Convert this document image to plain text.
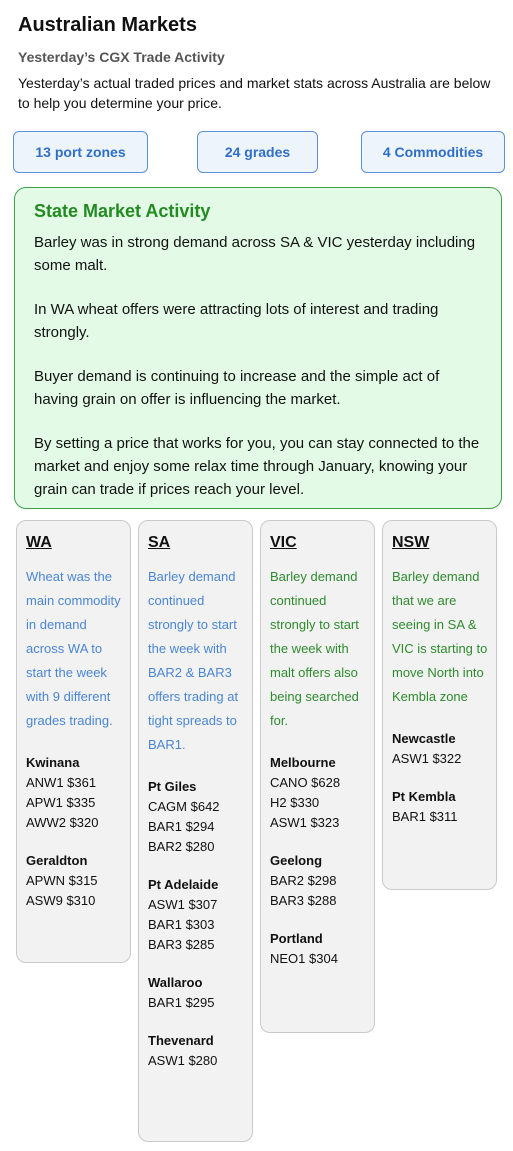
Australian Markets
Yesterday’s CGX Trade Activity
Yesterday’s actual traded prices and market stats across Australia are below to help you determine your price.
13 port zones	24 grades	4 Commodities
State Market Activity

Barley was in strong demand across SA & VIC yesterday including some malt.

In WA wheat offers were attracting lots of interest and trading strongly.

Buyer demand is continuing to increase and the simple act of having grain on offer is influencing the market.

By setting a price that works for you, you can stay connected to the market and enjoy some relax time through January, knowing your grain can trade if prices reach your level.

WA
Wheat was the main commodity in demand across WA to start the week with 9 different grades trading.
Kwinana
ANW1 $361
APW1 $335
AWW2 $320
Geraldton
APWN $315
ASW9 $310
SA
Barley demand continued strongly to start the week with BAR2 & BAR3 offers trading at tight spreads to BAR1.
Pt Giles
CAGM $642
BAR1 $294
BAR2 $280
Pt Adelaide
ASW1 $307
BAR1 $303
BAR3 $285
Wallaroo
BAR1 $295
Thevenard
ASW1 $280
VIC
Barley demand continued strongly to start the week with malt offers also being searched for.
Melbourne
CANO $628
H2 $330
ASW1 $323
Geelong
BAR2 $298
BAR3 $288
Portland
NEO1 $304
NSW
Barley demand that we are seeing in SA & VIC is starting to move North into Kembla zone
Newcastle
ASW1 $322
Pt Kembla
BAR1 $311
